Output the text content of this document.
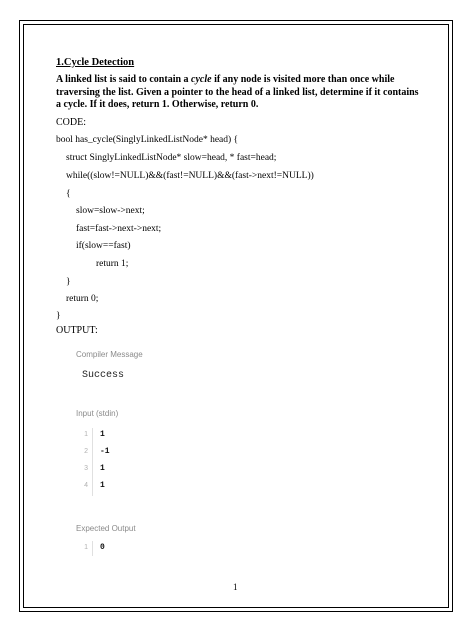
1.Cycle Detection
A linked list is said to contain a cycle if any node is visited more than once while traversing the list. Given a pointer to the head of a linked list, determine if it contains a cycle. If it does, return 1. Otherwise, return 0.
CODE:
bool has_cycle(SinglyLinkedListNode* head) {
struct SinglyLinkedListNode* slow=head, * fast=head;
while((slow!=NULL)&&(fast!=NULL)&&(fast->next!=NULL))
{
slow=slow->next;
fast=fast->next->next;
if(slow==fast)
return 1;
}
return 0;
}
OUTPUT:
Compiler Message
Success
Input (stdin)
1 1
2 -1
3 1
4 1
Expected Output
1 0
1
